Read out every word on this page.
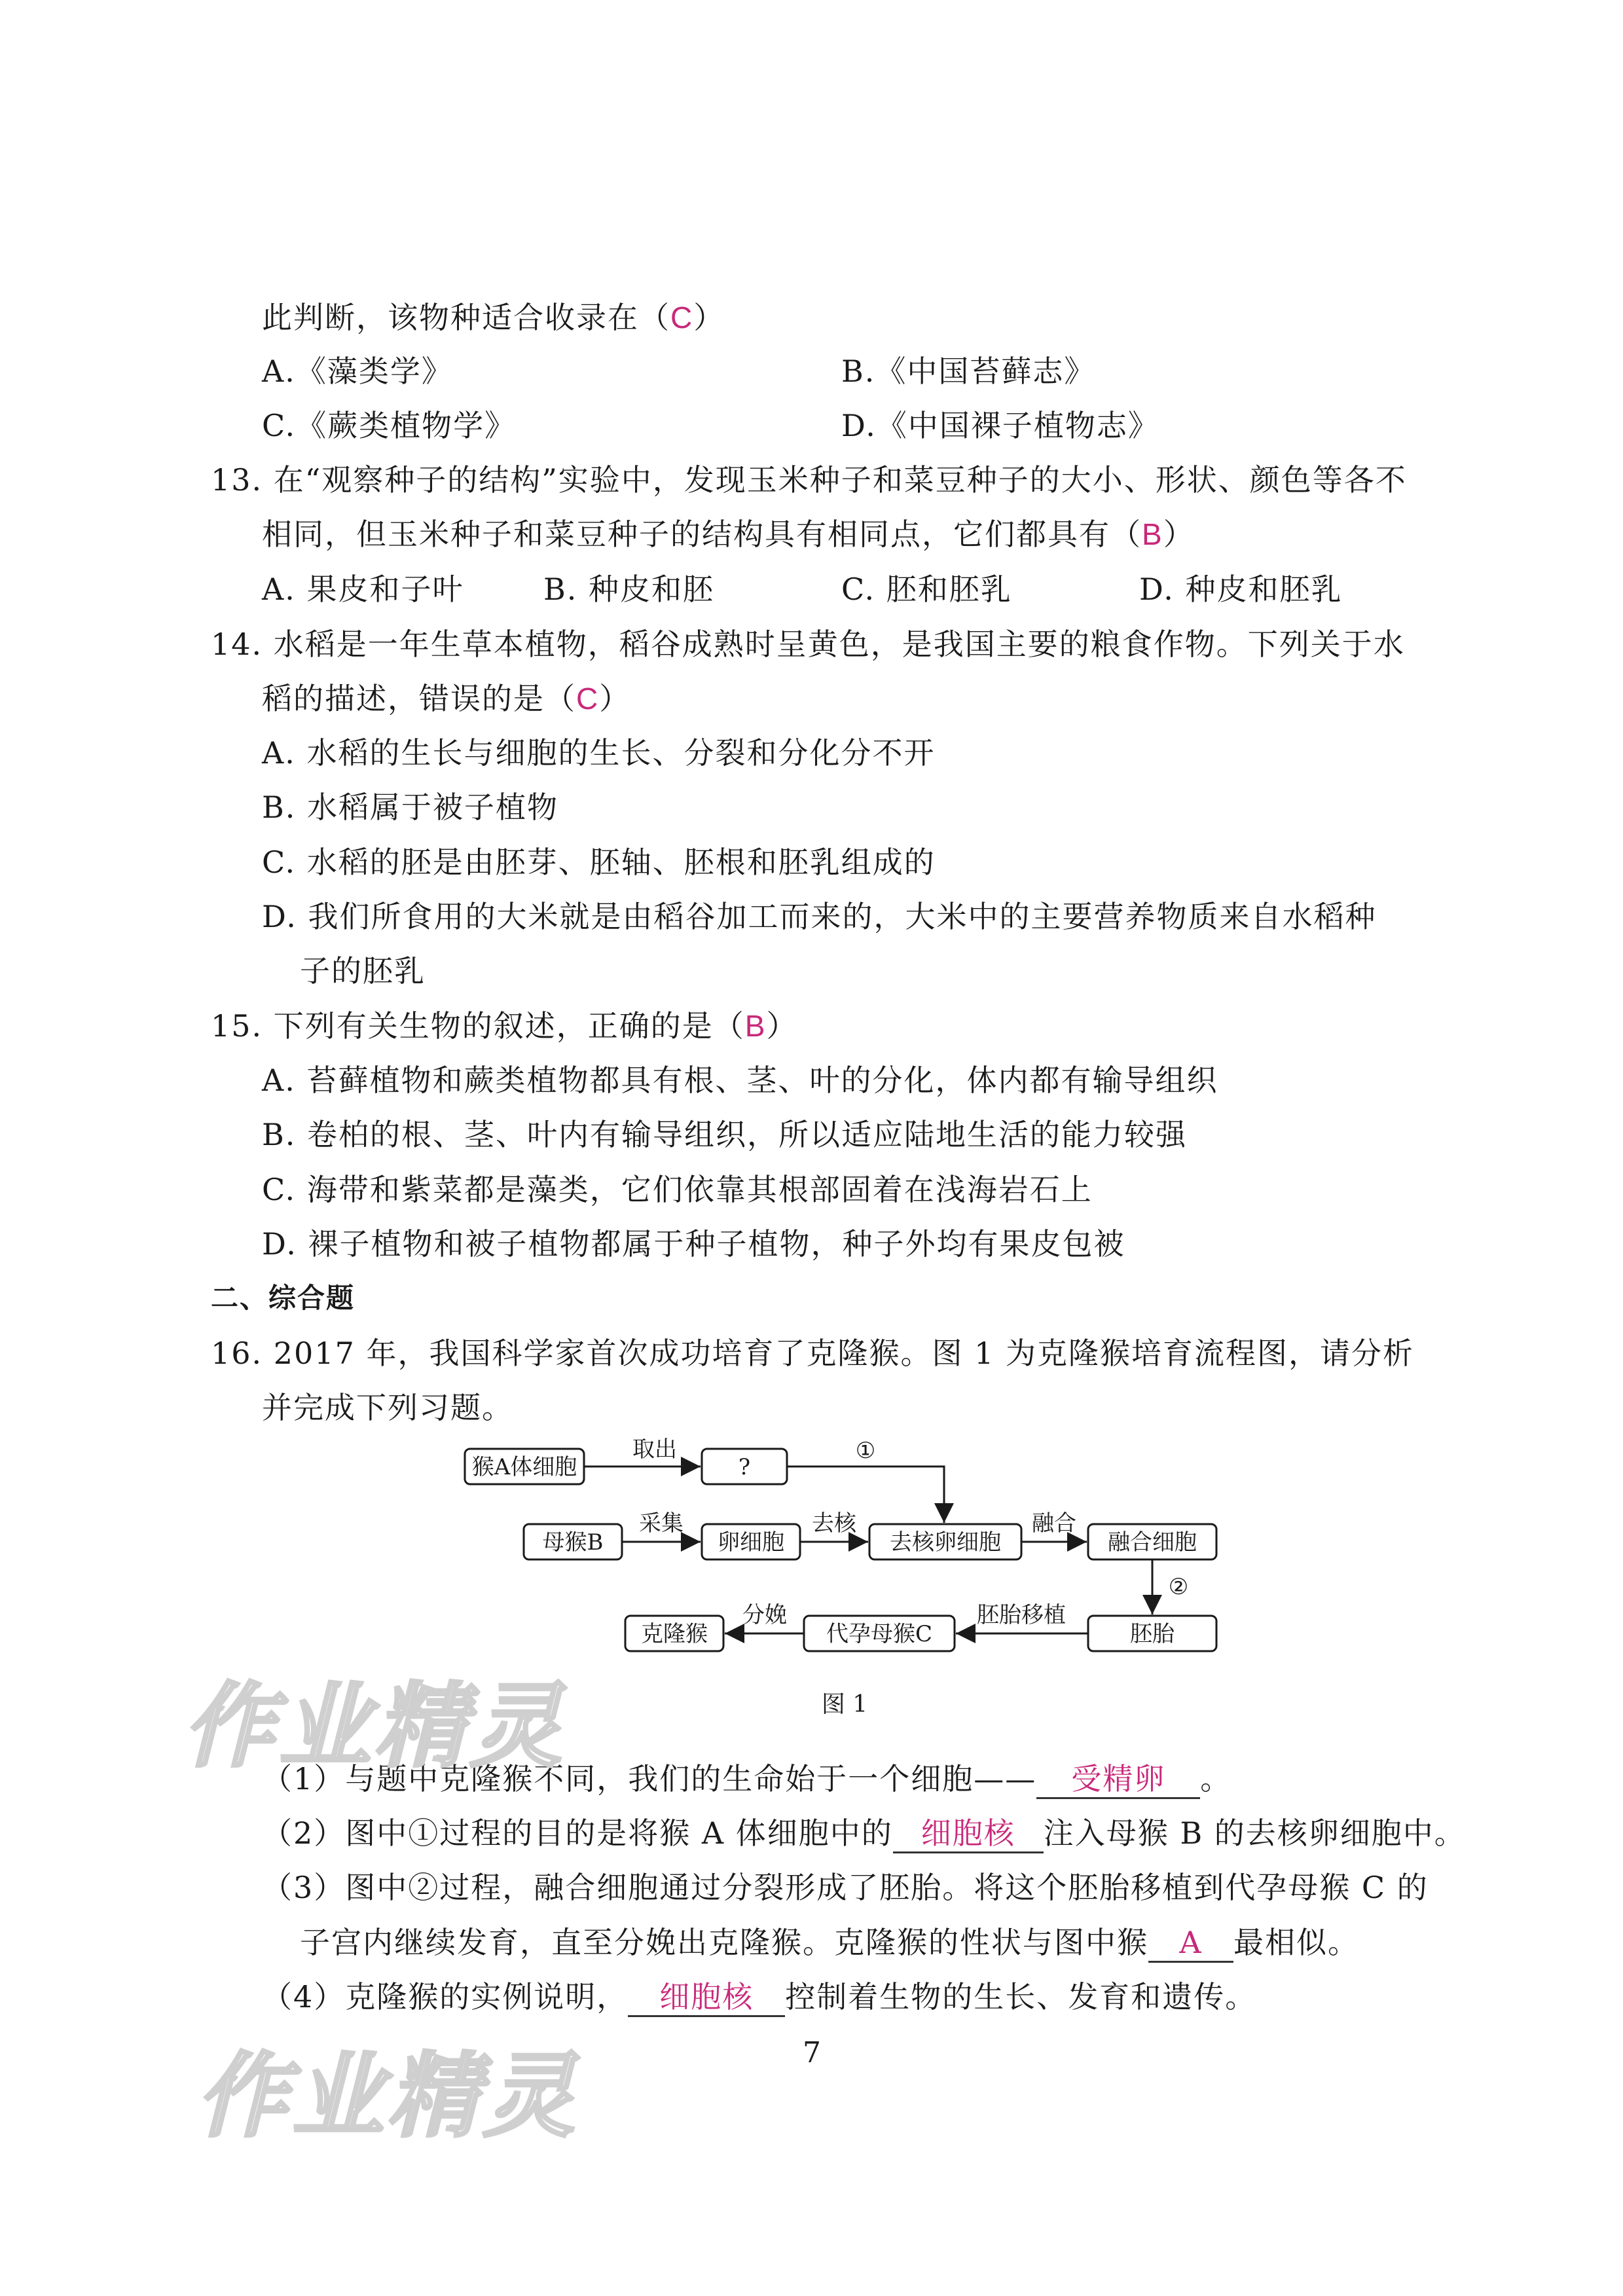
此判断，该物种适合收录在（C）
A.《藻类学》	B.《中国苔藓志》
C.《蕨类植物学》	D.《中国裸子植物志》
13. 在“观察种子的结构”实验中，发现玉米种子和菜豆种子的大小、形状、颜色等各不
相同，但玉米种子和菜豆种子的结构具有相同点，它们都具有（B）
A. 果皮和子叶	B. 种皮和胚	C. 胚和胚乳	D. 种皮和胚乳
14. 水稻是一年生草本植物，稻谷成熟时呈黄色，是我国主要的粮食作物。下列关于水
稻的描述，错误的是（C）
A. 水稻的生长与细胞的生长、分裂和分化分不开
B. 水稻属于被子植物
C. 水稻的胚是由胚芽、胚轴、胚根和胚乳组成的
D. 我们所食用的大米就是由稻谷加工而来的，大米中的主要营养物质来自水稻种
子的胚乳
15. 下列有关生物的叙述，正确的是（B）
A. 苔藓植物和蕨类植物都具有根、茎、叶的分化，体内都有输导组织
B. 卷柏的根、茎、叶内有输导组织，所以适应陆地生活的能力较强
C. 海带和紫菜都是藻类，它们依靠其根部固着在浅海岩石上
D. 裸子植物和被子植物都属于种子植物，种子外均有果皮包被
二、综合题
16. 2017 年，我国科学家首次成功培育了克隆猴。图 1 为克隆猴培育流程图，请分析
并完成下列习题。
猴A体细胞	?
母猴B	卵细胞	去核卵细胞	融合细胞
胚胎
代孕母猴C
克隆猴
取出	①
采集	去核	融合
②
胚胎移植
分娩
图 1
（1）与题中克隆猴不同，我们的生命始于一个细胞—— 受精卵 。
（2）图中①过程的目的是将猴 A 体细胞中的 细胞核 注入母猴 B 的去核卵细胞中。
（3）图中②过程，融合细胞通过分裂形成了胚胎。将这个胚胎移植到代孕母猴 C 的
子宫内继续发育，直至分娩出克隆猴。克隆猴的性状与图中猴 A 最相似。
（4）克隆猴的实例说明， 细胞核 控制着生物的生长、发育和遗传。
作业精灵
作业精灵	7
